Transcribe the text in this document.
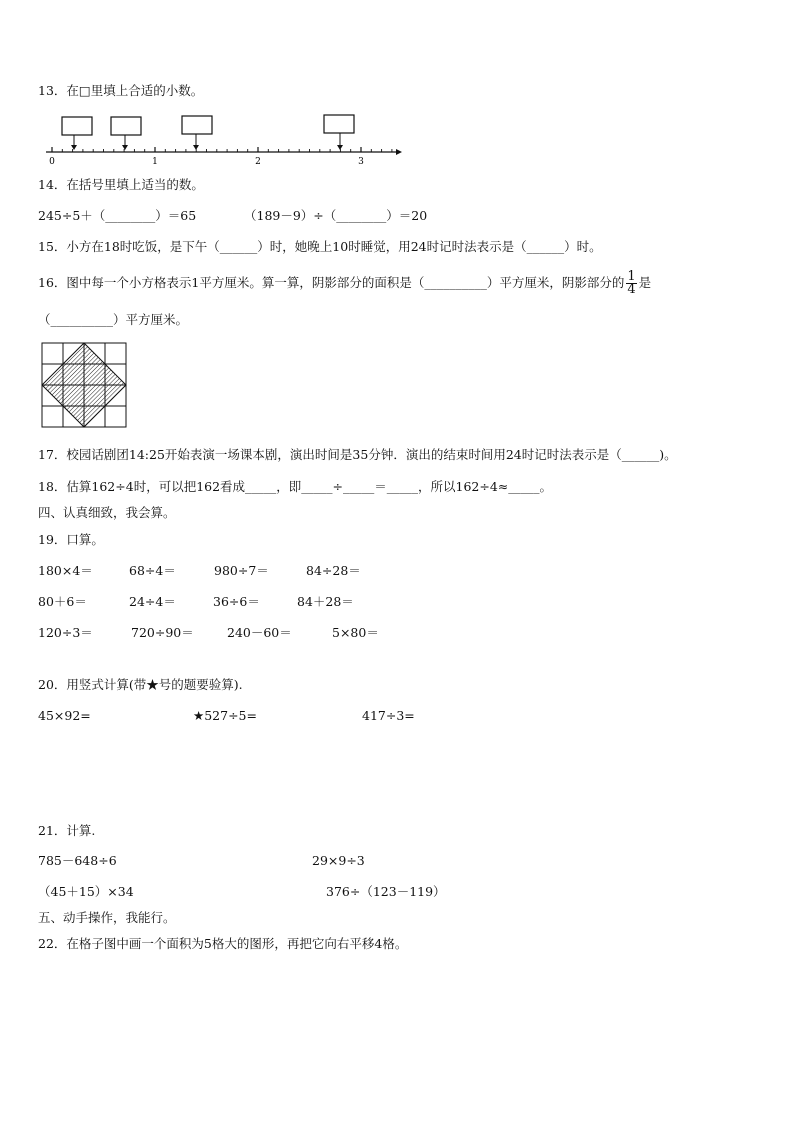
13．在□里填上合适的小数。
0	1	2	3
14．在括号里填上适当的数。
245÷5＋（________）＝65	（189－9）÷（________）＝20
15．小方在18时吃饭，是下午（______）时，她晚上10时睡觉，用24时记时法表示是（______）时。
16．图中每一个小方格表示1平方厘米。算一算，阴影部分的面积是（__________）平方厘米，阴影部分的 $\frac{1}{4}$ 是
（__________）平方厘米。
17．校园话剧团14:25开始表演一场课本剧，演出时间是35分钟．演出的结束时间用24时记时法表示是（______)。
18．估算162÷4时，可以把162看成_____，即_____÷_____＝_____，所以162÷4≈_____。
四、认真细致，我会算。
19．口算。
180×4＝	68÷4＝	980÷7＝	84÷28＝
80＋6＝	24÷4＝	36÷6＝	84＋28＝
120÷3＝	720÷90＝	240－60＝	5×80＝
20．用竖式计算(带★号的题要验算).
45×92=	★527÷5=	417÷3=
21．计算.
785－648÷6	29×9÷3
（45＋15）×34	376÷（123－119）
五、动手操作，我能行。
22．在格子图中画一个面积为5格大的图形，再把它向右平移4格。
